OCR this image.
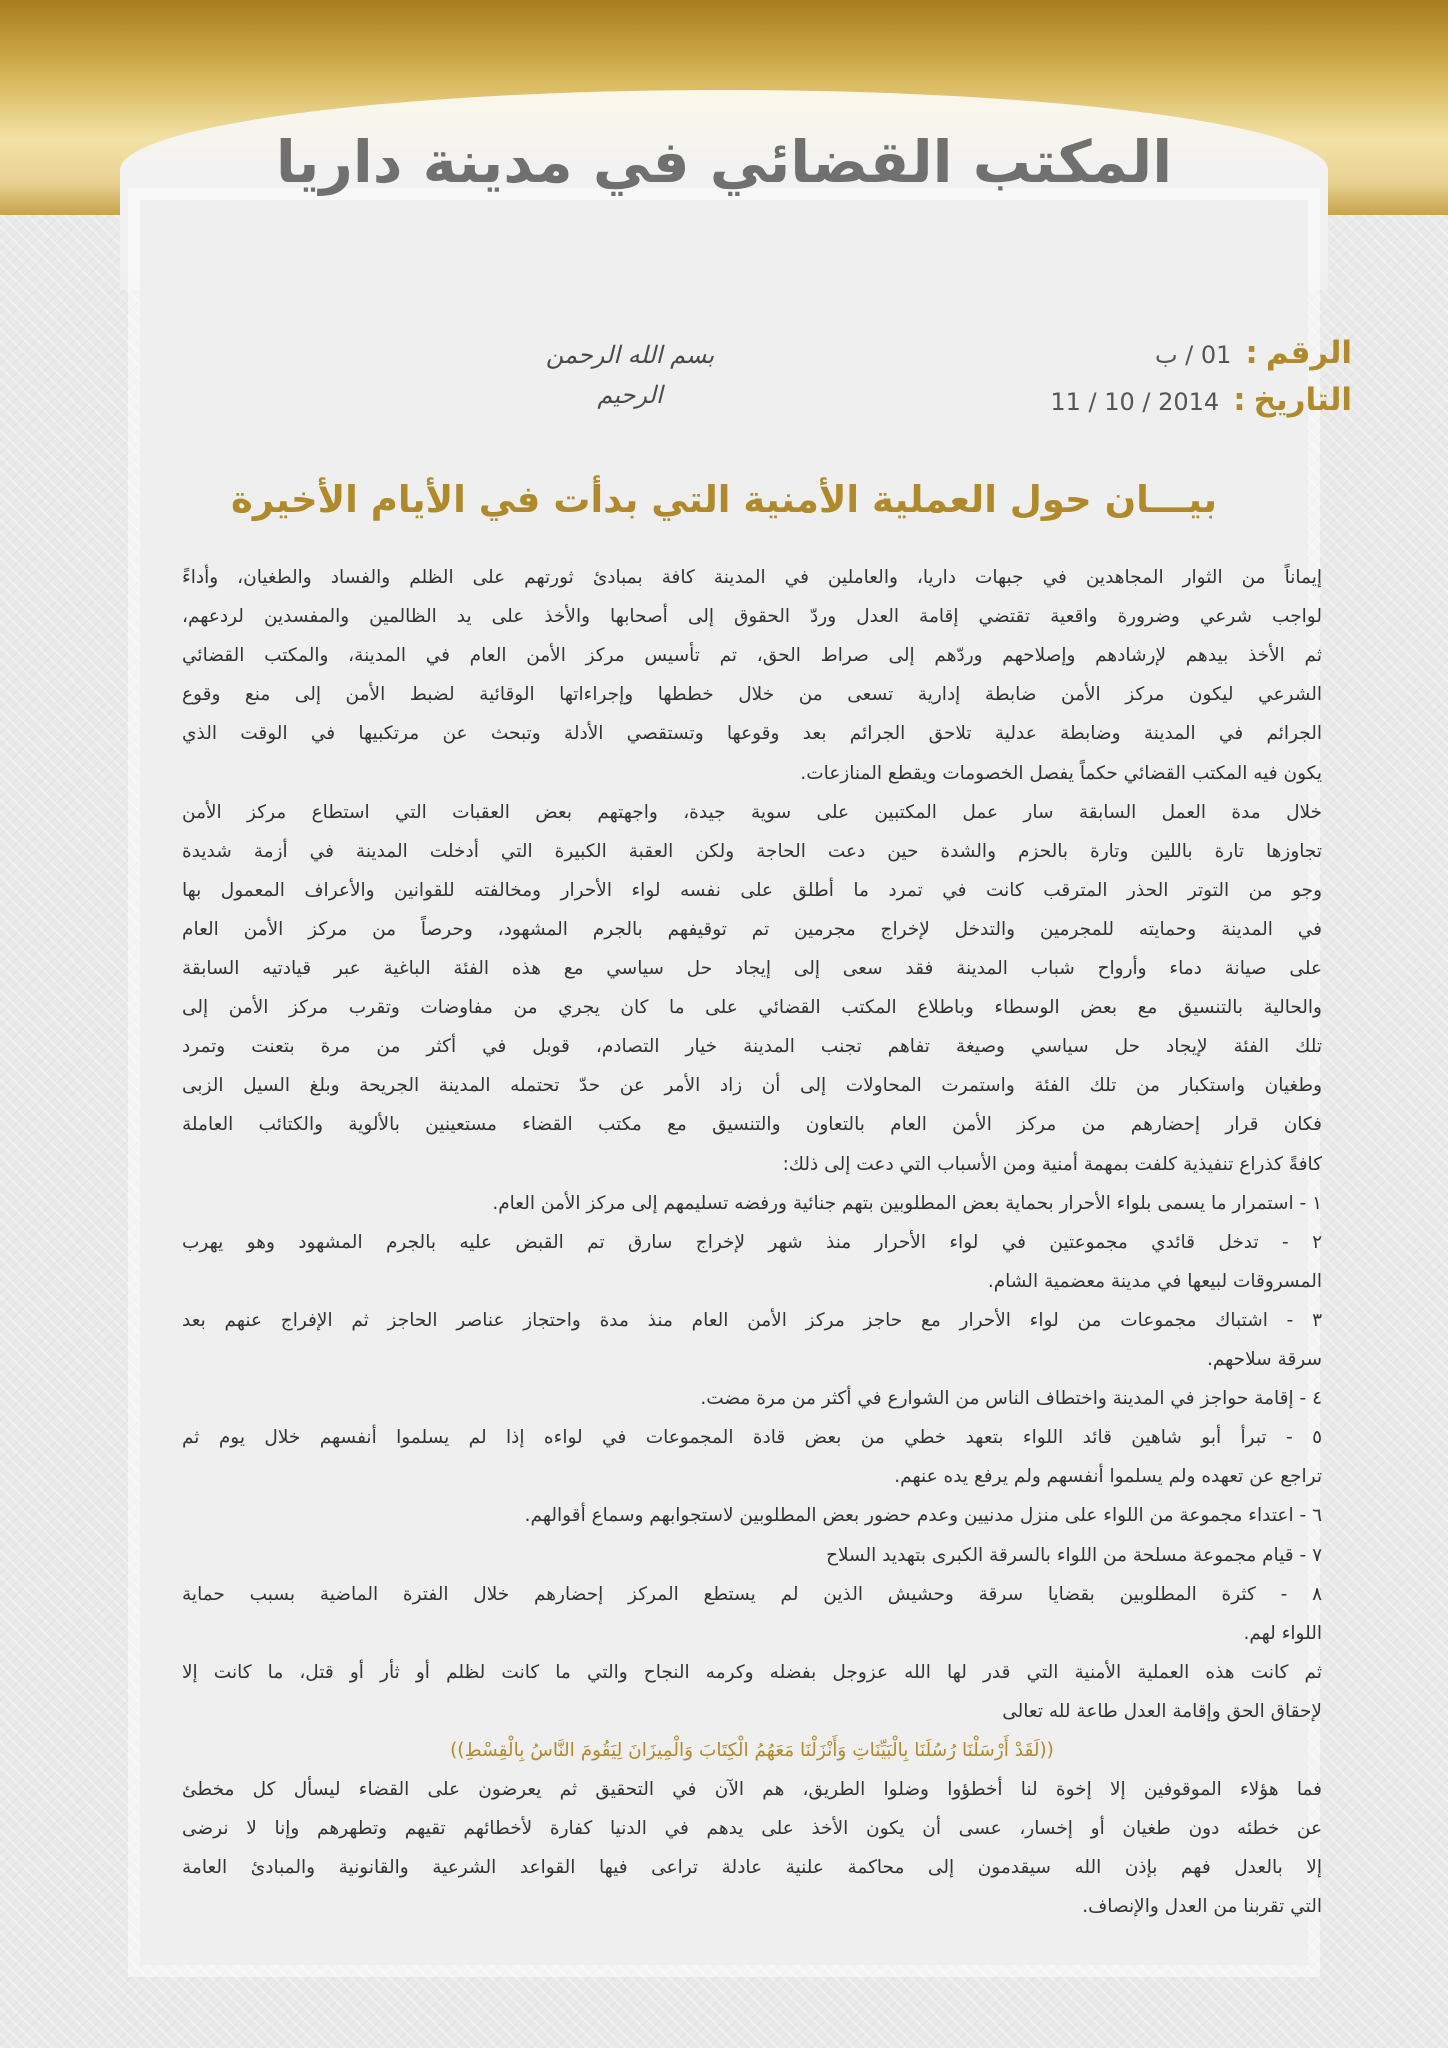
المكتب القضائي في مدينة داريا
الرقم:01 / ب
التاريخ:2014 / 10 / 11
بسم الله الرحمن الرحيم
بيـــان حول العملية الأمنية التي بدأت في الأيام الأخيرة
إيماناً من الثوار المجاهدين في جبهات داريا، والعاملين في المدينة كافة بمبادئ ثورتهم على الظلم والفساد والطغيان، وأداءً
لواجب شرعي وضرورة واقعية تقتضي إقامة العدل وردّ الحقوق إلى أصحابها والأخذ على يد الظالمين والمفسدين لردعهم،
ثم الأخذ بيدهم لإرشادهم وإصلاحهم وردّهم إلى صراط الحق، تم تأسيس مركز الأمن العام في المدينة، والمكتب القضائي
الشرعي ليكون مركز الأمن ضابطة إدارية تسعى من خلال خططها وإجراءاتها الوقائية لضبط الأمن إلى منع وقوع
الجرائم في المدينة وضابطة عدلية تلاحق الجرائم بعد وقوعها وتستقصي الأدلة وتبحث عن مرتكبيها في الوقت الذي
يكون فيه المكتب القضائي حكماً يفصل الخصومات ويقطع المنازعات.
خلال مدة العمل السابقة سار عمل المكتبين على سوية جيدة، واجهتهم بعض العقبات التي استطاع مركز الأمن
تجاوزها تارة باللين وتارة بالحزم والشدة حين دعت الحاجة ولكن العقبة الكبيرة التي أدخلت المدينة في أزمة شديدة
وجو من التوتر الحذر المترقب كانت في تمرد ما أطلق على نفسه لواء الأحرار ومخالفته للقوانين والأعراف المعمول بها
في المدينة وحمايته للمجرمين والتدخل لإخراج مجرمين تم توقيفهم بالجرم المشهود، وحرصاً من مركز الأمن العام
على صيانة دماء وأرواح شباب المدينة فقد سعى إلى إيجاد حل سياسي مع هذه الفئة الباغية عبر قيادتيه السابقة
والحالية بالتنسيق مع بعض الوسطاء وباطلاع المكتب القضائي على ما كان يجري من مفاوضات وتقرب مركز الأمن إلى
تلك الفئة لإيجاد حل سياسي وصيغة تفاهم تجنب المدينة خيار التصادم، قوبل في أكثر من مرة بتعنت وتمرد
وطغيان واستكبار من تلك الفئة واستمرت المحاولات إلى أن زاد الأمر عن حدّ تحتمله المدينة الجريحة وبلغ السيل الزبى
فكان قرار إحضارهم من مركز الأمن العام بالتعاون والتنسيق مع مكتب القضاء مستعينين بالألوية والكتائب العاملة
كافةً كذراع تنفيذية كلفت بمهمة أمنية ومن الأسباب التي دعت إلى ذلك:
١ - استمرار ما يسمى بلواء الأحرار بحماية بعض المطلوبين بتهم جنائية ورفضه تسليمهم إلى مركز الأمن العام.
٢ - تدخل قائدي مجموعتين في لواء الأحرار منذ شهر لإخراج سارق تم القبض عليه بالجرم المشهود وهو يهرب
المسروقات لبيعها في مدينة معضمية الشام.
٣ - اشتباك مجموعات من لواء الأحرار مع حاجز مركز الأمن العام منذ مدة واحتجاز عناصر الحاجز ثم الإفراج عنهم بعد
سرقة سلاحهم.
٤ - إقامة حواجز في المدينة واختطاف الناس من الشوارع في أكثر من مرة مضت.
٥ - تبرأ أبو شاهين قائد اللواء بتعهد خطي من بعض قادة المجموعات في لواءه إذا لم يسلموا أنفسهم خلال يوم ثم
تراجع عن تعهده ولم يسلموا أنفسهم ولم يرفع يده عنهم.
٦ - اعتداء مجموعة من اللواء على منزل مدنيين وعدم حضور بعض المطلوبين لاستجوابهم وسماع أقوالهم.
٧ - قيام مجموعة مسلحة من اللواء بالسرقة الكبرى بتهديد السلاح
٨ - كثرة المطلوبين بقضايا سرقة وحشيش الذين لم يستطع المركز إحضارهم خلال الفترة الماضية بسبب حماية
اللواء لهم.
ثم كانت هذه العملية الأمنية التي قدر لها الله عزوجل بفضله وكرمه النجاح والتي ما كانت لظلم أو ثأر أو قتل، ما كانت إلا
لإحقاق الحق وإقامة العدل طاعة لله تعالى
((لَقَدْ أَرْسَلْنَا رُسُلَنَا بِالْبَيِّنَاتِ وَأَنْزَلْنَا مَعَهُمُ الْكِتَابَ وَالْمِيزَانَ لِيَقُومَ النَّاسُ بِالْقِسْطِ))
فما هؤلاء الموقوفين إلا إخوة لنا أخطؤوا وضلوا الطريق، هم الآن في التحقيق ثم يعرضون على القضاء ليسأل كل مخطئ
عن خطئه دون طغيان أو إخسار، عسى أن يكون الأخذ على يدهم في الدنيا كفارة لأخطائهم تقيهم وتطهرهم وإنا لا نرضى
إلا بالعدل فهم بإذن الله سيقدمون إلى محاكمة علنية عادلة تراعى فيها القواعد الشرعية والقانونية والمبادئ العامة
التي تقربنا من العدل والإنصاف.
